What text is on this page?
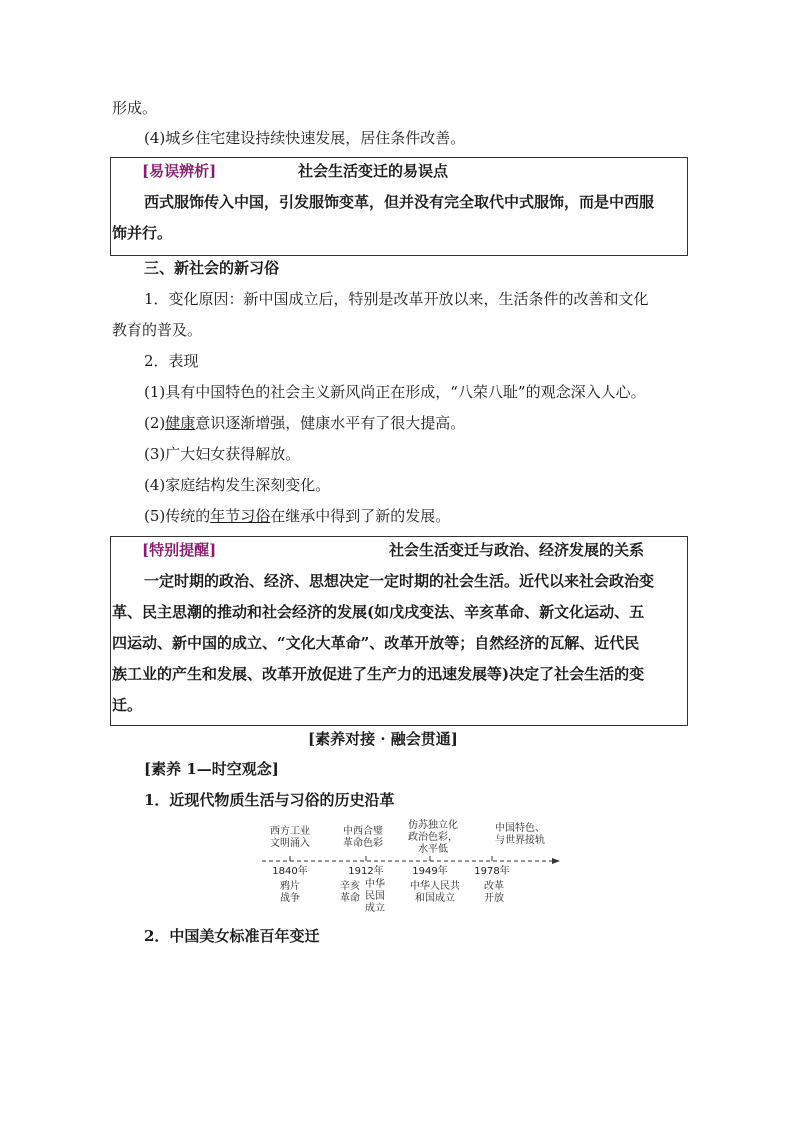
形成。
(4)城乡住宅建设持续快速发展，居住条件改善。
[易误辨析]	社会生活变迁的易误点
西式服饰传入中国，引发服饰变革，但并没有完全取代中式服饰，而是中西服
饰并行。
三、新社会的新习俗
1．变化原因：新中国成立后，特别是改革开放以来，生活条件的改善和文化
教育的普及。
2．表现
(1)具有中国特色的社会主义新风尚正在形成，“八荣八耻”的观念深入人心。
(2)健康意识逐渐增强，健康水平有了很大提高。
(3)广大妇女获得解放。
(4)家庭结构发生深刻变化。
(5)传统的年节习俗在继承中得到了新的发展。
[特别提醒]	社会生活变迁与政治、经济发展的关系
一定时期的政治、经济、思想决定一定时期的社会生活。近代以来社会政治变
革、民主思潮的推动和社会经济的发展(如戊戌变法、辛亥革命、新文化运动、五
四运动、新中国的成立、“文化大革命”、改革开放等；自然经济的瓦解、近代民
族工业的产生和发展、改革开放促进了生产力的迅速发展等)决定了社会生活的变
迁。
[素养对接 · 融会贯通]
[素养 1—时空观念]
1．近现代物质生活与习俗的历史沿革
西方工业
文明涌入
中西合璧
革命色彩
仿苏独立化
政治色彩，
水平低
中国特色、
与世界接轨
1840年	1912年	1949年	1978年
鸦片
战争
辛亥
革命
中华
民国
成立
中华人民共
和国成立
改革
开放
2．中国美女标准百年变迁
